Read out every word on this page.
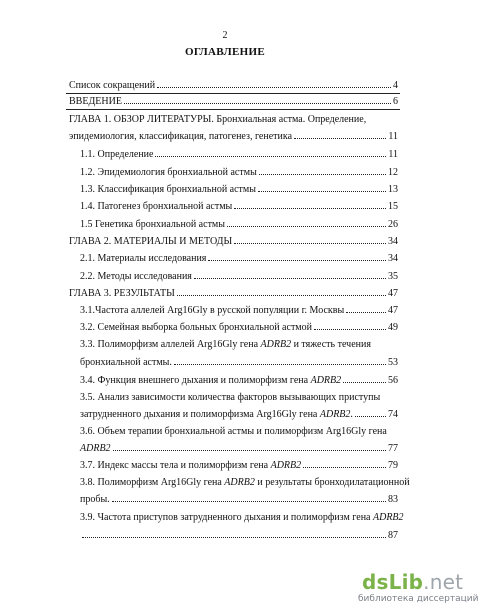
2
ОГЛАВЛЕНИЕ
Список сокращений	4
ВВЕДЕНИЕ	6
ГЛАВА 1. ОБЗОР ЛИТЕРАТУРЫ. Бронхиальная астма. Определение,
эпидемиология, классификация, патогенез, генетика	11
1.1. Определение	11
1.2. Эпидемиология бронхиальной астмы	12
1.3. Классификация бронхиальной астмы	13
1.4. Патогенез бронхиальной астмы	15
1.5 Генетика бронхиальной астмы	26
ГЛАВА 2. МАТЕРИАЛЫ И МЕТОДЫ	34
2.1. Материалы исследования	34
2.2. Методы исследования	35
ГЛАВА 3. РЕЗУЛЬТАТЫ	47
3.1.Частота аллелей Arg16Gly в русской популяции г. Москвы	47
3.2. Семейная выборка больных бронхиальной астмой	49
3.3. Полиморфизм аллелей Arg16Gly гена ADRB2 и тяжесть течения
бронхиальной астмы.	53
3.4. Функция внешнего дыхания и полиморфизм гена ADRB2	56
3.5. Анализ зависимости количества факторов вызывающих приступы
затрудненного дыхания и полиморфизма Arg16Gly гена ADRB2.	74
3.6. Объем терапии бронхиальной астмы и полиморфизм Arg16Gly гена
ADRB2	77
3.7. Индекс массы тела и полиморфизм гена ADRB2	79
3.8. Полиморфизм Arg16Gly гена ADRB2 и результаты бронходилатационной
пробы.	83
3.9. Частота приступов затрудненного дыхания и полиморфизм гена ADRB2
87
dsLib.net
библиотека диссертаций
